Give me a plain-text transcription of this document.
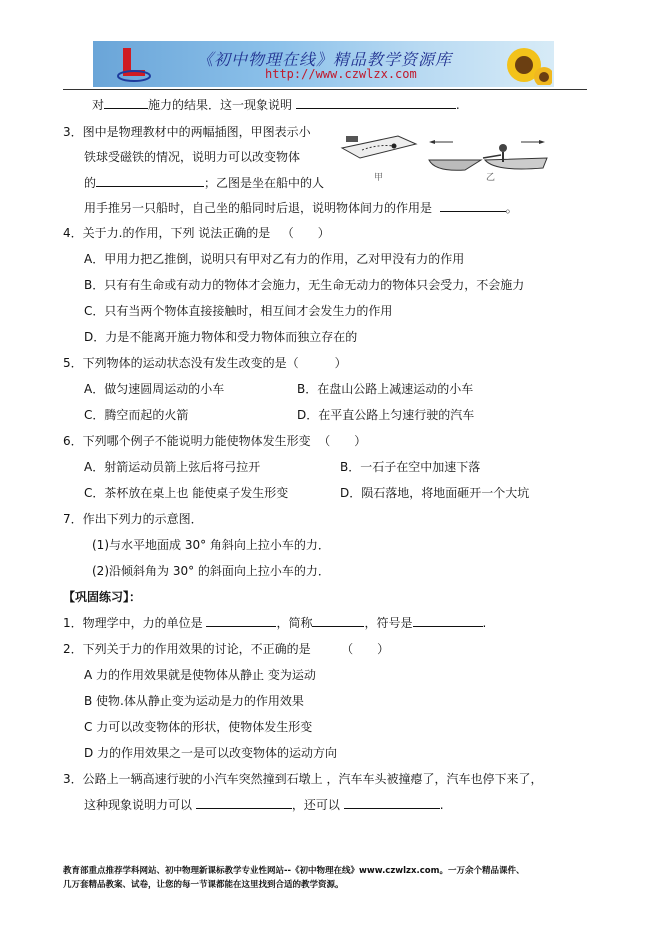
《初中物理在线》精品教学资源库
http://www.czwlzx.com
对	施力的结果．这一现象说明	.
3．图中是物理教材中的两幅插图，甲图表示小
铁球受磁铁的情况，说明力可以改变物体
的	；乙图是坐在船中的人
用手推另一只船时，自己坐的船同时后退，说明物体间力的作用是	。
甲	乙
4．关于力.的作用，下列 说法正确的是 （　　）
A．甲用力把乙推倒，说明只有甲对乙有力的作用，乙对甲没有力的作用
B．只有有生命或有动力的物体才会施力，无生命无动力的物体只会受力，不会施力
C．只有当两个物体直接接触时，相互间才会发生力的作用
D．力是不能离开施力物体和受力物体而独立存在的
5．下列物体的运动状态没有发生改变的是（　　　）
A．做匀速圆周运动的小车	B．在盘山公路上减速运动的小车
C．腾空而起的火箭	D．在平直公路上匀速行驶的汽车
6．下列哪个例子不能说明力能使物体发生形变 （　　）
A．射箭运动员箭上弦后将弓拉开	B．一石子在空中加速下落
C．茶杯放在桌上也 能使桌子发生形变	D．陨石落地，将地面砸开一个大坑
7．作出下列力的示意图．
(1)与水平地面成 30° 角斜向上拉小车的力．
(2)沿倾斜角为 30° 的斜面向上拉小车的力．
【巩固练习】：
1．物理学中，力的单位是	，简称	，符号是	.
2．下列关于力的作用效果的讨论，不正确的是	（　　）
A 力的作用效果就是使物体从静止 变为运动
B 使物.体从静止变为运动是力的作用效果
C 力可以改变物体的形状，使物体发生形变
D 力的作用效果之一是可以改变物体的运动方向
3．公路上一辆高速行驶的小汽车突然撞到石墩上 ，汽车车头被撞瘪了，汽车也停下来了，
这种现象说明力可以	，还可以	.
教育部重点推荐学科网站、初中物理新课标教学专业性网站--《初中物理在线》www.czwlzx.com。一万余个精品课件、
几万套精品教案、试卷，让您的每一节课都能在这里找到合适的教学资源。
